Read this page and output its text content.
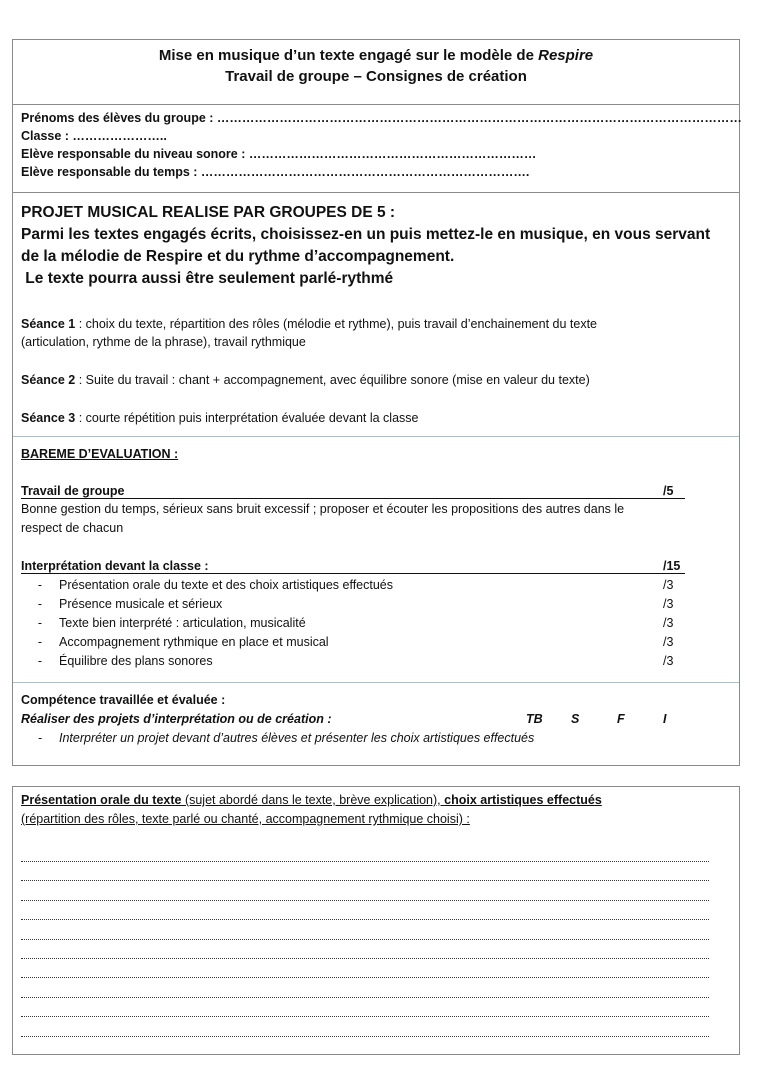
Mise en musique d’un texte engagé sur le modèle de Respire
Travail de groupe – Consignes de création
Prénoms des élèves du groupe : ………………………………………………………………………………………………………………
Classe : …………………..
Elève responsable du niveau sonore : ……………………………………………………………
Elève responsable du temps : …………………………………………………………………….
PROJET MUSICAL REALISE PAR GROUPES DE 5 :
Parmi les textes engagés écrits, choisissez-en un puis mettez-le en musique, en vous servant
de la mélodie de Respire et du rythme d’accompagnement.
Le texte pourra aussi être seulement parlé-rythmé
Séance 1 : choix du texte, répartition des rôles (mélodie et rythme), puis travail d’enchainement du texte
(articulation, rythme de la phrase), travail rythmique
Séance 2 : Suite du travail : chant + accompagnement, avec équilibre sonore (mise en valeur du texte)
Séance 3 : courte répétition puis interprétation évaluée devant la classe
BAREME D’EVALUATION :
Travail de groupe	/5
Bonne gestion du temps, sérieux sans bruit excessif ; proposer et écouter les propositions des autres dans le
respect de chacun
Interprétation devant la classe :	/15
- Présentation orale du texte et des choix artistiques effectués	/3
- Présence musicale et sérieux	/3
- Texte bien interprété : articulation, musicalité	/3
- Accompagnement rythmique en place et musical	/3
- Équilibre des plans sonores	/3
Compétence travaillée et évaluée :
Réaliser des projets d’interprétation ou de création :	TB S	F	I
- Interpréter un projet devant d’autres élèves et présenter les choix artistiques effectués
Présentation orale du texte (sujet abordé dans le texte, brève explication), choix artistiques effectués
(répartition des rôles, texte parlé ou chanté, accompagnement rythmique choisi) :
